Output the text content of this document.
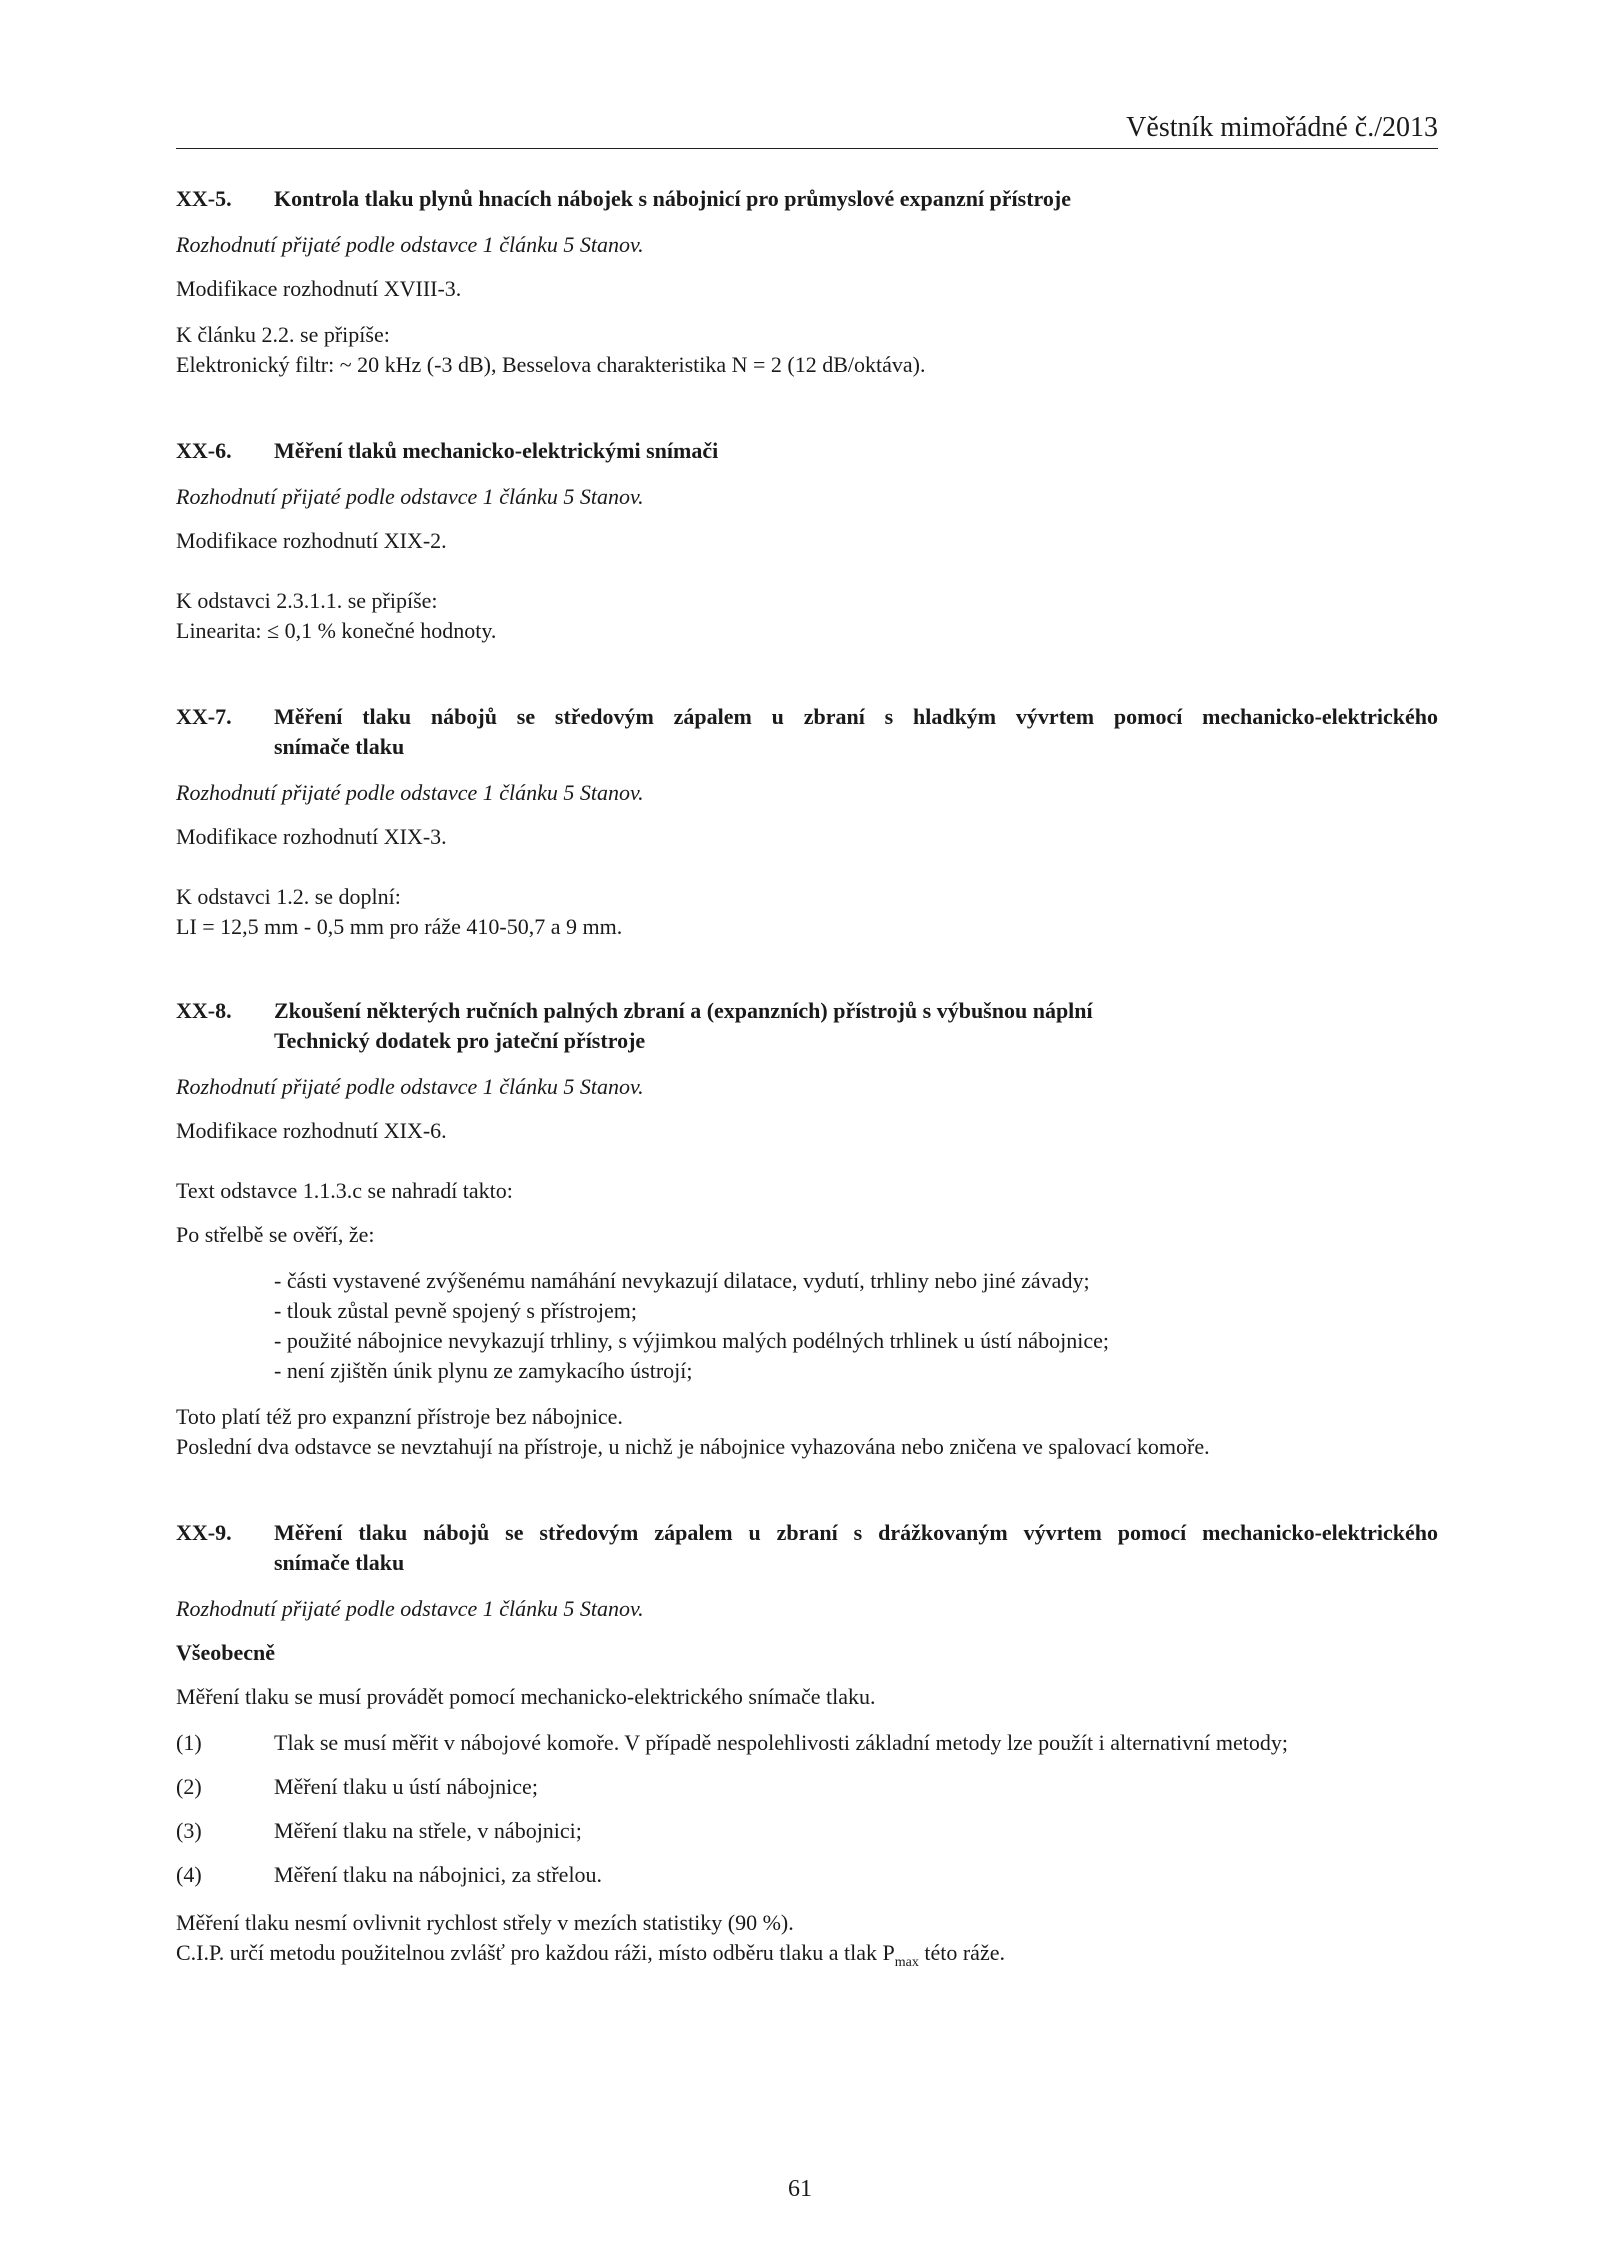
Věstník mimořádné č./2013
XX-5. Kontrola tlaku plynů hnacích nábojek s nábojnicí pro průmyslové expanzní přístroje
Rozhodnutí přijaté podle odstavce 1 článku 5 Stanov.
Modifikace rozhodnutí XVIII-3.
K článku 2.2. se připíše:
Elektronický filtr: ~ 20 kHz (-3 dB), Besselova charakteristika N = 2 (12 dB/oktáva).
XX-6. Měření tlaků mechanicko-elektrickými snímači
Rozhodnutí přijaté podle odstavce 1 článku 5 Stanov.
Modifikace rozhodnutí XIX-2.
K odstavci 2.3.1.1. se připíše:
Linearita: ≤ 0,1 % konečné hodnoty.
XX-7. Měření tlaku nábojů se středovým zápalem u zbraní s hladkým vývrtem pomocí mechanicko-elektrického
snímače tlaku
Rozhodnutí přijaté podle odstavce 1 článku 5 Stanov.
Modifikace rozhodnutí XIX-3.
K odstavci 1.2. se doplní:
LI = 12,5 mm - 0,5 mm pro ráže 410-50,7 a 9 mm.
XX-8. Zkoušení některých ručních palných zbraní a (expanzních) přístrojů s výbušnou náplní
Technický dodatek pro jateční přístroje
Rozhodnutí přijaté podle odstavce 1 článku 5 Stanov.
Modifikace rozhodnutí XIX-6.
Text odstavce 1.1.3.c se nahradí takto:
Po střelbě se ověří, že:
- části vystavené zvýšenému namáhání nevykazují dilatace, vydutí, trhliny nebo jiné závady;
- tlouk zůstal pevně spojený s přístrojem;
- použité nábojnice nevykazují trhliny, s výjimkou malých podélných trhlinek u ústí nábojnice;
- není zjištěn únik plynu ze zamykacího ústrojí;
Toto platí též pro expanzní přístroje bez nábojnice.
Poslední dva odstavce se nevztahují na přístroje, u nichž je nábojnice vyhazována nebo zničena ve spalovací komoře.
XX-9. Měření tlaku nábojů se středovým zápalem u zbraní s drážkovaným vývrtem pomocí mechanicko-elektrického
snímače tlaku
Rozhodnutí přijaté podle odstavce 1 článku 5 Stanov.
Všeobecně
Měření tlaku se musí provádět pomocí mechanicko-elektrického snímače tlaku.
(1)	Tlak se musí měřit v nábojové komoře. V případě nespolehlivosti základní metody lze použít i alternativní metody;
(2)	Měření tlaku u ústí nábojnice;
(3)	Měření tlaku na střele, v nábojnici;
(4)	Měření tlaku na nábojnici, za střelou.
Měření tlaku nesmí ovlivnit rychlost střely v mezích statistiky (90 %).
C.I.P. určí metodu použitelnou zvlášť pro každou ráži, místo odběru tlaku a tlak $P_{max}$ této ráže.
61
